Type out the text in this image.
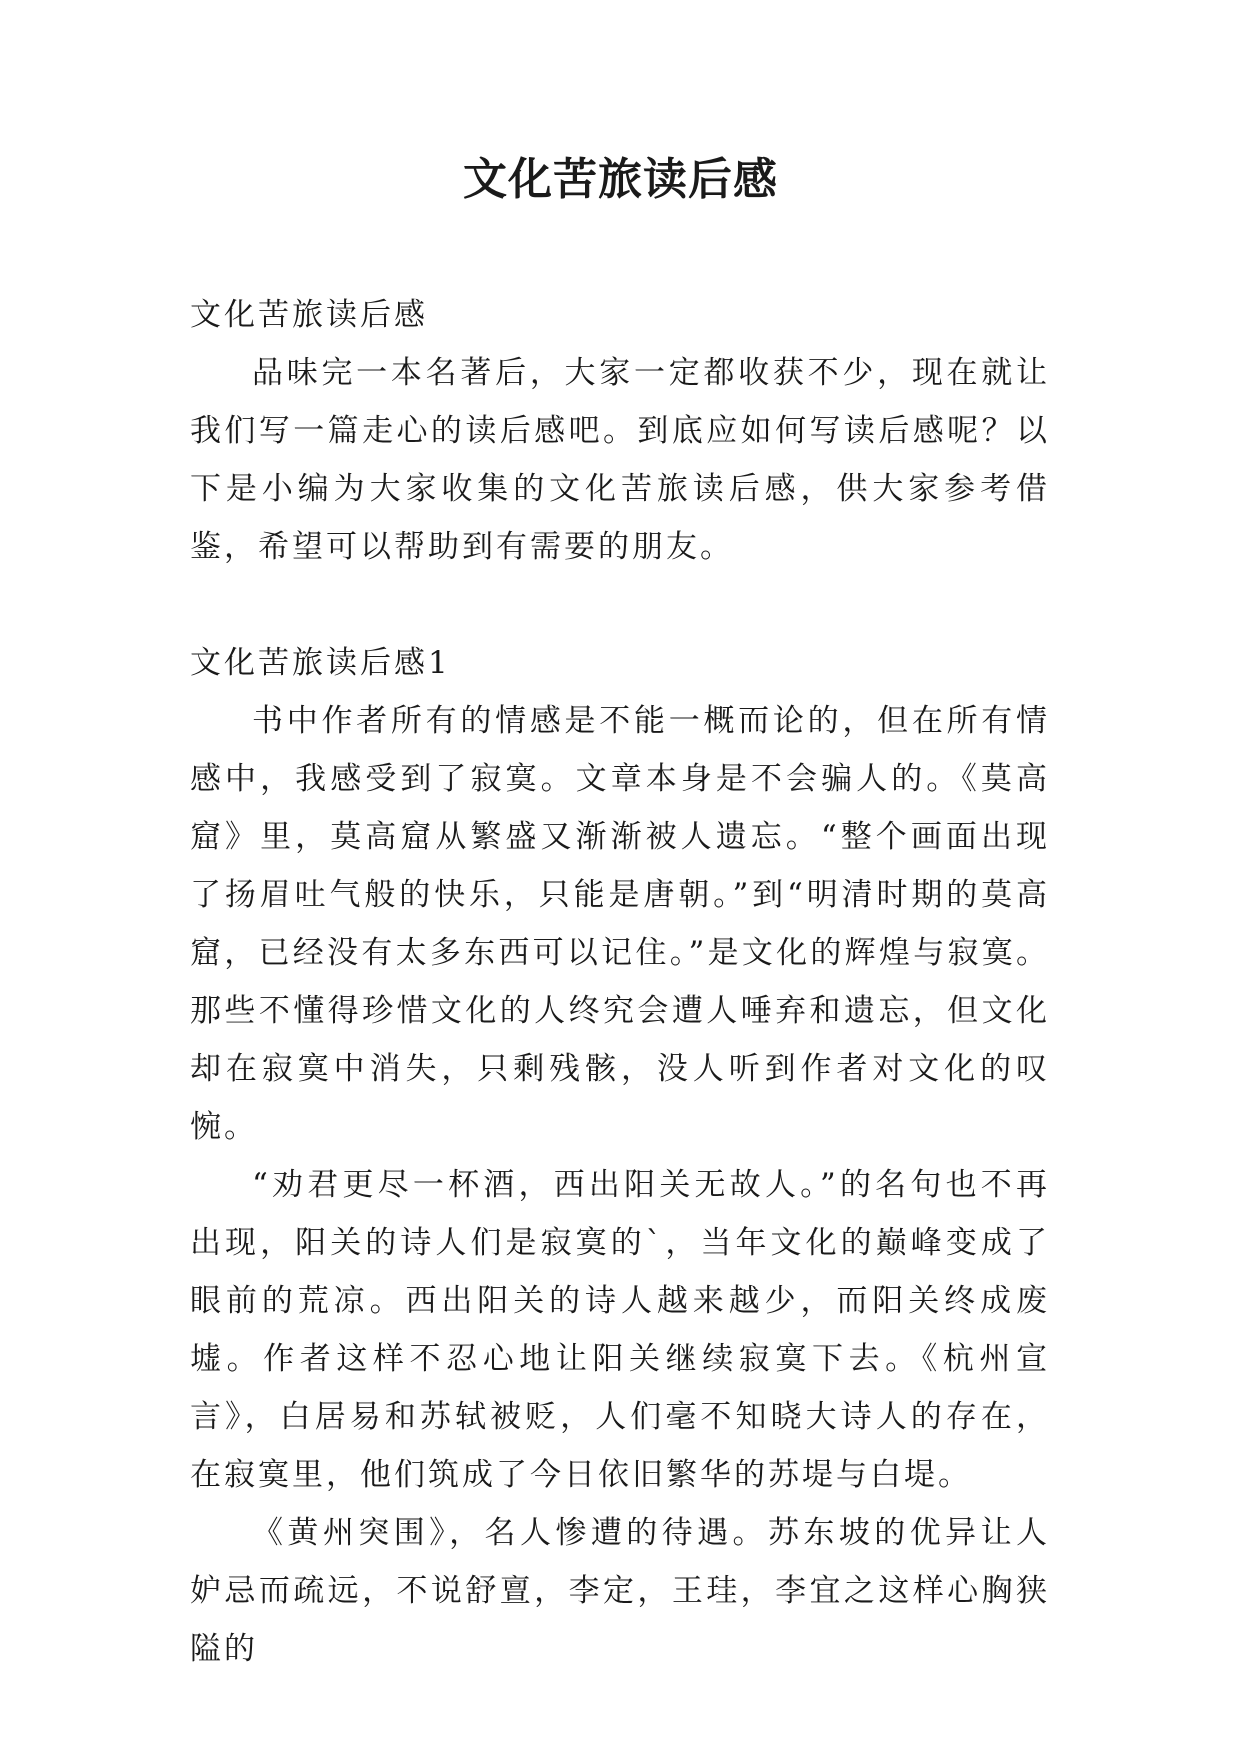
文化苦旅读后感

文化苦旅读后感

品味完一本名著后，大家一定都收获不少，现在就让我们写一篇走心的读后感吧。到底应如何写读后感呢？以下是小编为大家收集的文化苦旅读后感，供大家参考借鉴，希望可以帮助到有需要的朋友。

文化苦旅读后感1

书中作者所有的情感是不能一概而论的，但在所有情感中，我感受到了寂寞。文章本身是不会骗人的。《莫高窟》里，莫高窟从繁盛又渐渐被人遗忘。“整个画面出现了扬眉吐气般的快乐，只能是唐朝。”到“明清时期的莫高窟，已经没有太多东西可以记住。”是文化的辉煌与寂寞。那些不懂得珍惜文化的人终究会遭人唾弃和遗忘，但文化却在寂寞中消失，只剩残骸，没人听到作者对文化的叹惋。

“劝君更尽一杯酒，西出阳关无故人。”的名句也不再出现，阳关的诗人们是寂寞的`，当年文化的巅峰变成了眼前的荒凉。西出阳关的诗人越来越少，而阳关终成废墟。作者这样不忍心地让阳关继续寂寞下去。《杭州宣言》，白居易和苏轼被贬，人们毫不知晓大诗人的存在，在寂寞里，他们筑成了今日依旧繁华的苏堤与白堤。

《黄州突围》，名人惨遭的待遇。苏东坡的优异让人妒忌而疏远，不说舒亶，李定，王珪，李宜之这样心胸狭隘的
